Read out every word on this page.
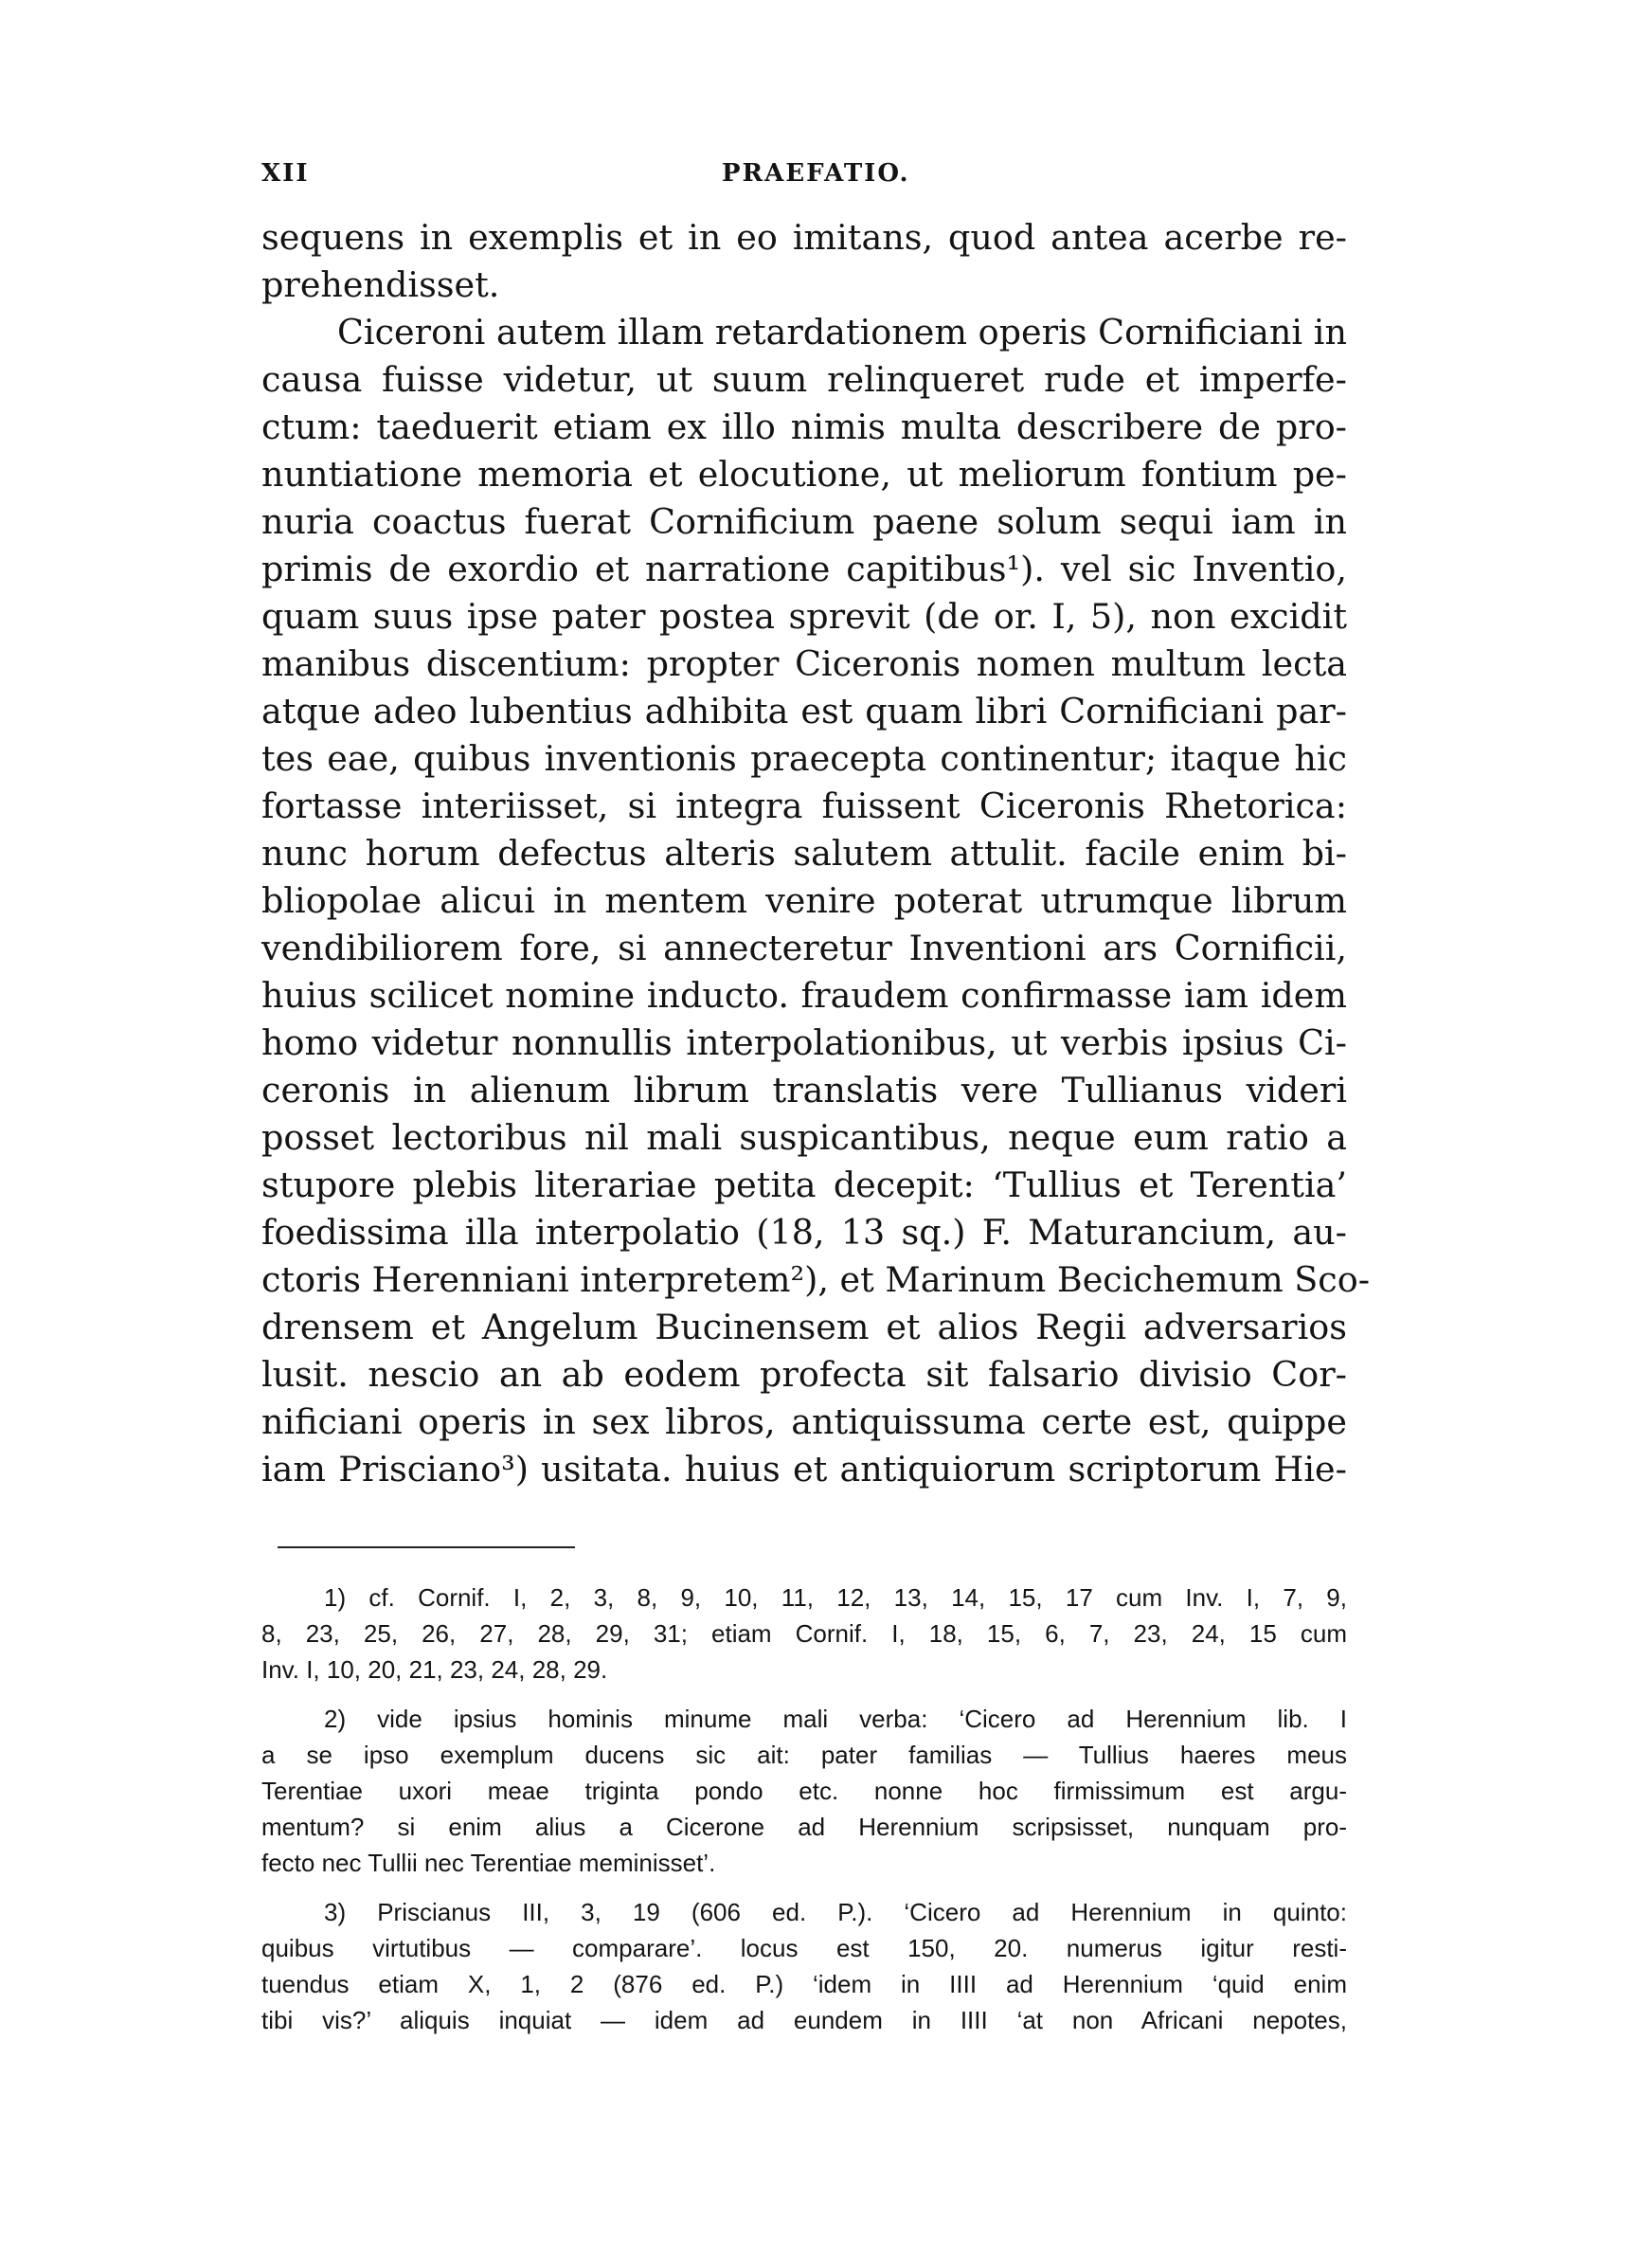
XII	PRAEFATIO.
sequens in exemplis et in eo imitans, quod antea acerbe re-
prehendisset.
Ciceroni autem illam retardationem operis Cornificiani in
causa fuisse videtur, ut suum relinqueret rude et imperfe-
ctum: taeduerit etiam ex illo nimis multa describere de pro-
nuntiatione memoria et elocutione, ut meliorum fontium pe-
nuria coactus fuerat Cornificium paene solum sequi iam in
primis de exordio et narratione capitibus¹). vel sic Inventio,
quam suus ipse pater postea sprevit (de or. I, 5), non excidit
manibus discentium: propter Ciceronis nomen multum lecta
atque adeo lubentius adhibita est quam libri Cornificiani par-
tes eae, quibus inventionis praecepta continentur; itaque hic
fortasse interiisset, si integra fuissent Ciceronis Rhetorica:
nunc horum defectus alteris salutem attulit. facile enim bi-
bliopolae alicui in mentem venire poterat utrumque librum
vendibiliorem fore, si annecteretur Inventioni ars Cornificii,
huius scilicet nomine inducto. fraudem confirmasse iam idem
homo videtur nonnullis interpolationibus, ut verbis ipsius Ci-
ceronis in alienum librum translatis vere Tullianus videri
posset lectoribus nil mali suspicantibus, neque eum ratio a
stupore plebis literariae petita decepit: ‘Tullius et Terentia’
foedissima illa interpolatio (18, 13 sq.) F. Maturancium, au-
ctoris Herenniani interpretem²), et Marinum Becichemum Sco-
drensem et Angelum Bucinensem et alios Regii adversarios
lusit. nescio an ab eodem profecta sit falsario divisio Cor-
nificiani operis in sex libros, antiquissuma certe est, quippe
iam Prisciano³) usitata. huius et antiquiorum scriptorum Hie-
1) cf. Cornif. I, 2, 3, 8, 9, 10, 11, 12, 13, 14, 15, 17 cum Inv. I, 7, 9,
8, 23, 25, 26, 27, 28, 29, 31; etiam Cornif. I, 18, 15, 6, 7, 23, 24, 15 cum
Inv. I, 10, 20, 21, 23, 24, 28, 29.
2) vide ipsius hominis minume mali verba: ‘Cicero ad Herennium lib. I
a se ipso exemplum ducens sic ait: pater familias — Tullius haeres meus
Terentiae uxori meae triginta pondo etc. nonne hoc firmissimum est argu-
mentum? si enim alius a Cicerone ad Herennium scripsisset, nunquam pro-
fecto nec Tullii nec Terentiae meminisset’.
3) Priscianus III, 3, 19 (606 ed. P.). ‘Cicero ad Herennium in quinto:
quibus virtutibus — comparare’. locus est 150, 20. numerus igitur resti-
tuendus etiam X, 1, 2 (876 ed. P.) ‘idem in IIII ad Herennium ‘quid enim
tibi vis?’ aliquis inquiat — idem ad eundem in IIII ‘at non Africani nepotes,
